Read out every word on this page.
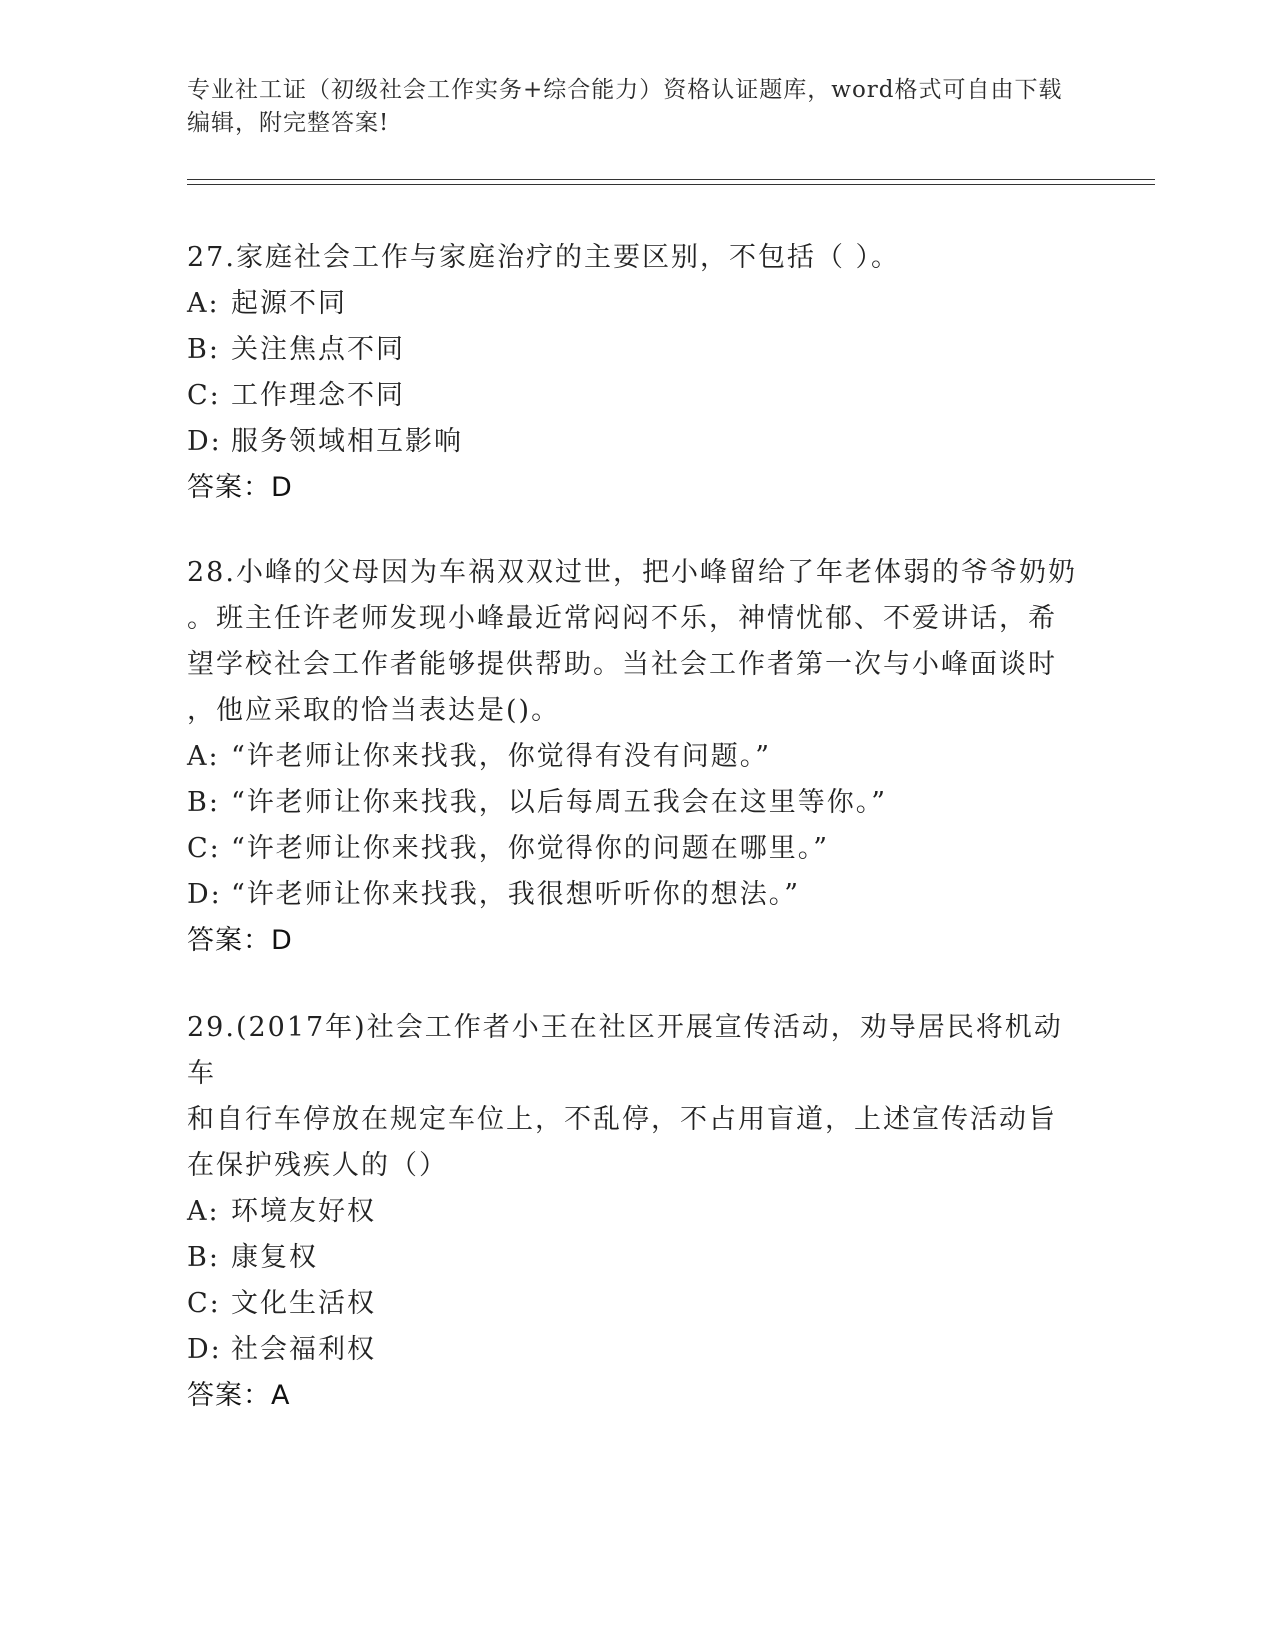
专业社工证（初级社会工作实务+综合能力）资格认证题库，word格式可自由下载
编辑，附完整答案!
27.家庭社会工作与家庭治疗的主要区别，不包括（ ）。
A: 起源不同
B: 关注焦点不同
C: 工作理念不同
D: 服务领域相互影响
答案：D
28.小峰的父母因为车祸双双过世，把小峰留给了年老体弱的爷爷奶奶
。班主任许老师发现小峰最近常闷闷不乐，神情忧郁、不爱讲话，希
望学校社会工作者能够提供帮助。当社会工作者第一次与小峰面谈时
，他应采取的恰当表达是()。
A: “许老师让你来找我，你觉得有没有问题。”
B: “许老师让你来找我，以后每周五我会在这里等你。”
C: “许老师让你来找我，你觉得你的问题在哪里。”
D: “许老师让你来找我，我很想听听你的想法。”
答案：D
29.(2017年)社会工作者小王在社区开展宣传活动，劝导居民将机动车
和自行车停放在规定车位上，不乱停，不占用盲道，上述宣传活动旨
在保护残疾人的（）
A: 环境友好权
B: 康复权
C: 文化生活权
D: 社会福利权
答案：A
